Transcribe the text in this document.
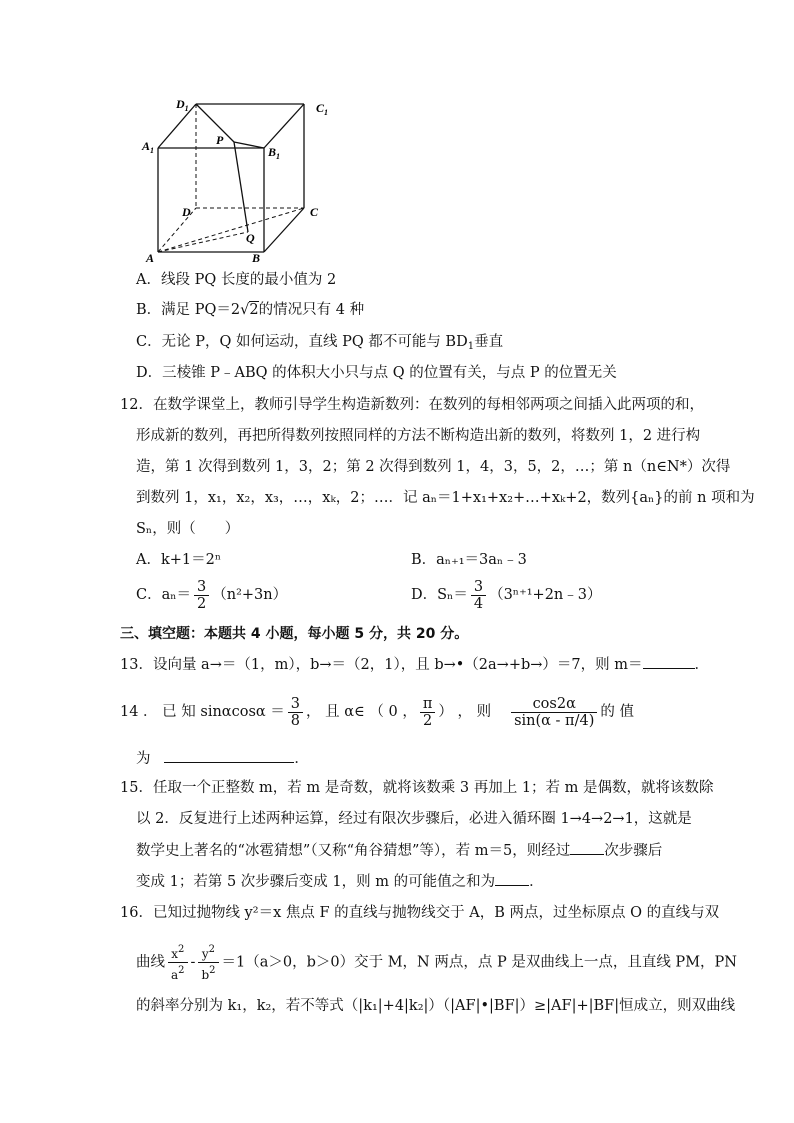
$D_1$	$C_1$
$A_1$	$B_1$
P
D	C
A	B
Q
A．线段 PQ 长度的最小值为 2
B．满足 PQ＝2√2的情况只有 4 种
C．无论 P，Q 如何运动，直线 PQ 都不可能与 $BD_1$垂直
D．三棱锥 P﹣ABQ 的体积大小只与点 Q 的位置有关，与点 P 的位置无关
12．在数学课堂上，教师引导学生构造新数列：在数列的每相邻两项之间插入此两项的和，
形成新的数列，再把所得数列按照同样的方法不断构造出新的数列，将数列 1，2 进行构
造，第 1 次得到数列 1，3，2；第 2 次得到数列 1，4，3，5，2，…；第 n（n∈N*）次得
到数列 1，x₁，x₂，x₃，…，xₖ，2；…．记 aₙ＝1+x₁+x₂+…+xₖ+2，数列{aₙ}的前 n 项和为
Sₙ，则（　　）
A．k+1＝2ⁿ	B．aₙ₊₁＝3aₙ﹣3
C．$a_n= \frac{3}{2} (n^2+3n)$	D．$S_n= \frac{3}{4}$ （3ⁿ⁺¹+2n﹣3）
三、填空题：本题共 4 小题，每小题 5 分，共 20 分。
13．设向量 a→＝（1，m），b→＝（2，1），且 b→•（2a→+b→）＝7，则 m＝	．
14 ． 已 知 $\sin\alpha\cos\alpha = \frac{3}{8}$ ， 且 α∈ （ 0 ， $\frac{\pi}{2}$ ） ， 则 $\frac{\cos 2\alpha}{\sin(\alpha - \pi/4)}$ 的 值
为	．
15．任取一个正整数 m，若 m 是奇数，就将该数乘 3 再加上 1；若 m 是偶数，就将该数除
以 2．反复进行上述两种运算，经过有限次步骤后，必进入循环圈 1→4→2→1，这就是
数学史上著名的“冰雹猜想”（又称“角谷猜想”等），若 m＝5，则经过 次步骤后
变成 1；若第 5 次步骤后变成 1，则 m 的可能值之和为 ．
16．已知过抛物线 y²＝x 焦点 F 的直线与抛物线交于 A，B 两点，过坐标原点 O 的直线与双
曲线 $\frac{x^2}{a^2} - \frac{y^2}{b^2} =1(a>0$，b＞0）交于 M，N 两点，点 P 是双曲线上一点，且直线 PM，PN
的斜率分别为 k₁，k₂，若不等式（|k₁|+4|k₂|）（|AF|•|BF|）≥|AF|+|BF|恒成立，则双曲线
